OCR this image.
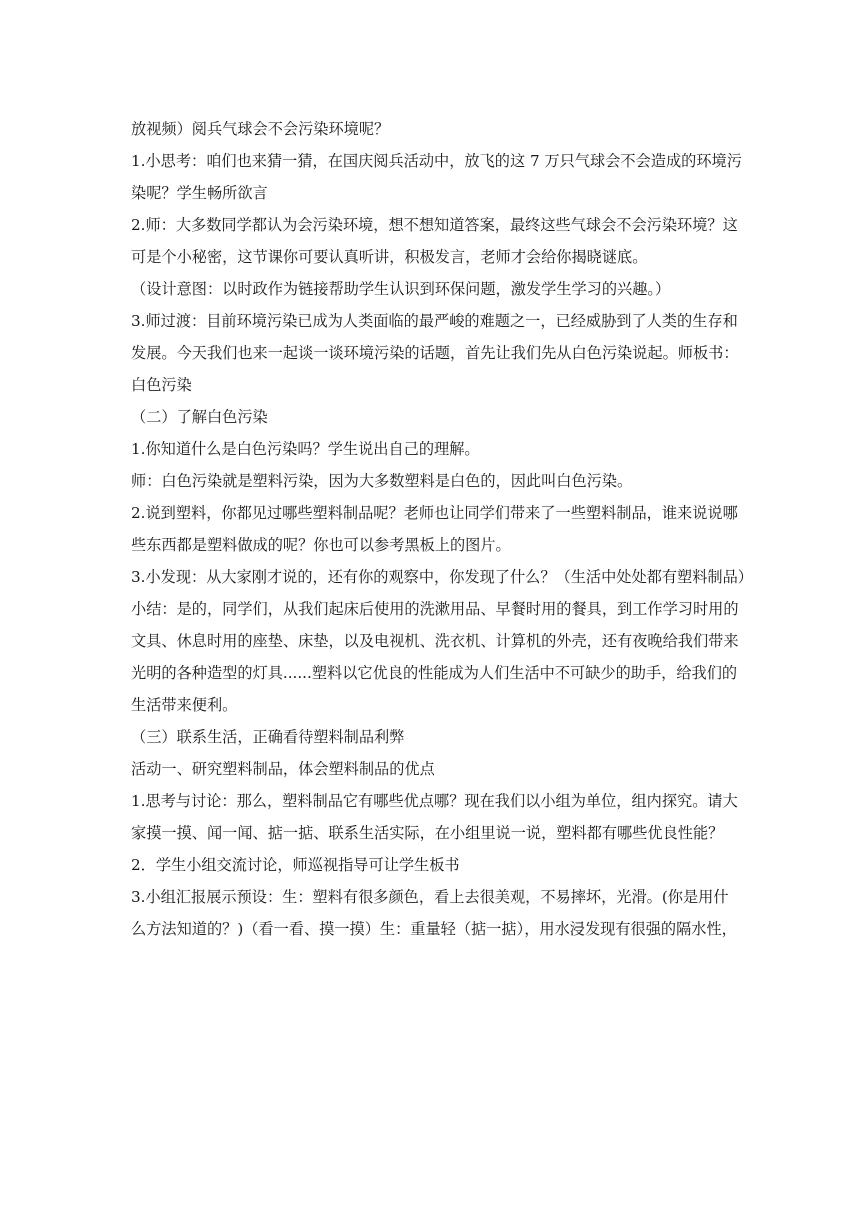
放视频）阅兵气球会不会污染环境呢？

1.小思考：咱们也来猜一猜，在国庆阅兵活动中，放飞的这 7 万只气球会不会造成的环境污

染呢？学生畅所欲言

2.师：大多数同学都认为会污染环境，想不想知道答案，最终这些气球会不会污染环境？这

可是个小秘密，这节课你可要认真听讲，积极发言，老师才会给你揭晓谜底。

（设计意图：以时政作为链接帮助学生认识到环保问题，激发学生学习的兴趣。）

3.师过渡：目前环境污染已成为人类面临的最严峻的难题之一，已经威胁到了人类的生存和

发展。今天我们也来一起谈一谈环境污染的话题，首先让我们先从白色污染说起。师板书：

白色污染

（二）了解白色污染

1.你知道什么是白色污染吗？学生说出自己的理解。

师：白色污染就是塑料污染，因为大多数塑料是白色的，因此叫白色污染。

2.说到塑料，你都见过哪些塑料制品呢？老师也让同学们带来了一些塑料制品，谁来说说哪

些东西都是塑料做成的呢？你也可以参考黑板上的图片。

3.小发现：从大家刚才说的，还有你的观察中，你发现了什么？（生活中处处都有塑料制品）

小结：是的，同学们，从我们起床后使用的洗漱用品、早餐时用的餐具，到工作学习时用的

文具、休息时用的座垫、床垫，以及电视机、洗衣机、计算机的外壳，还有夜晚给我们带来

光明的各种造型的灯具......塑料以它优良的性能成为人们生活中不可缺少的助手，给我们的

生活带来便利。

（三）联系生活，正确看待塑料制品利弊

活动一、研究塑料制品，体会塑料制品的优点

1.思考与讨论：那么，塑料制品它有哪些优点哪？现在我们以小组为单位，组内探究。请大

家摸一摸、闻一闻、掂一掂、联系生活实际，在小组里说一说，塑料都有哪些优良性能？

2．学生小组交流讨论，师巡视指导可让学生板书

3.小组汇报展示预设：生：塑料有很多颜色，看上去很美观，不易摔坏，光滑。(你是用什

么方法知道的？)（看一看、摸一摸）生：重量轻（掂一掂），用水浸发现有很强的隔水性，
